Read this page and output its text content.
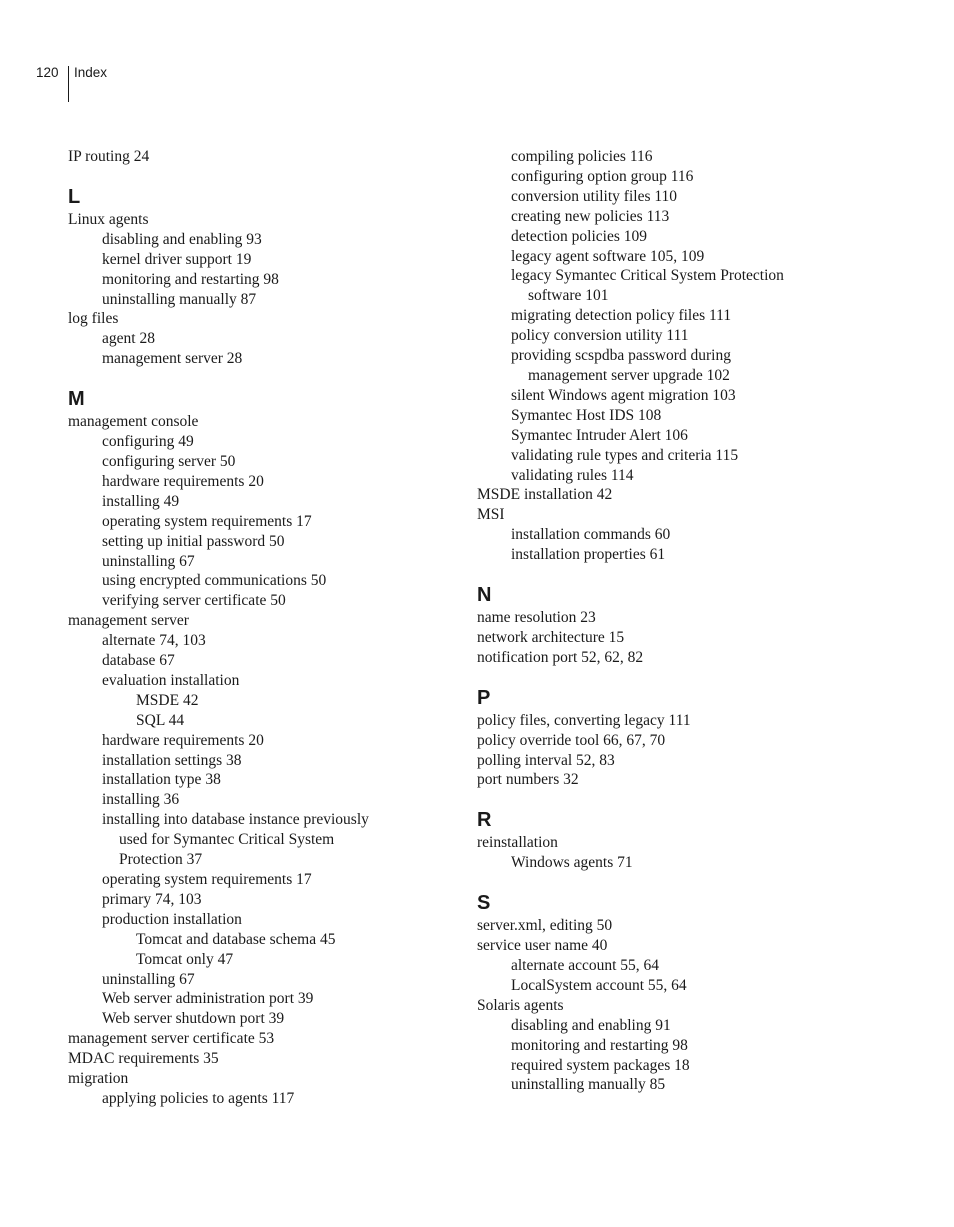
120 Index
IP routing 24
L
Linux agents
disabling and enabling 93
kernel driver support 19
monitoring and restarting 98
uninstalling manually 87
log files
agent 28
management server 28
M
management console
configuring 49
configuring server 50
hardware requirements 20
installing 49
operating system requirements 17
setting up initial password 50
uninstalling 67
using encrypted communications 50
verifying server certificate 50
management server
alternate 74, 103
database 67
evaluation installation
MSDE 42
SQL 44
hardware requirements 20
installation settings 38
installation type 38
installing 36
installing into database instance previously
used for Symantec Critical System
Protection 37
operating system requirements 17
primary 74, 103
production installation
Tomcat and database schema 45
Tomcat only 47
uninstalling 67
Web server administration port 39
Web server shutdown port 39
management server certificate 53
MDAC requirements 35
migration
applying policies to agents 117
compiling policies 116
configuring option group 116
conversion utility files 110
creating new policies 113
detection policies 109
legacy agent software 105, 109
legacy Symantec Critical System Protection
software 101
migrating detection policy files 111
policy conversion utility 111
providing scspdba password during
management server upgrade 102
silent Windows agent migration 103
Symantec Host IDS 108
Symantec Intruder Alert 106
validating rule types and criteria 115
validating rules 114
MSDE installation 42
MSI
installation commands 60
installation properties 61
N
name resolution 23
network architecture 15
notification port 52, 62, 82
P
policy files, converting legacy 111
policy override tool 66, 67, 70
polling interval 52, 83
port numbers 32
R
reinstallation
Windows agents 71
S
server.xml, editing 50
service user name 40
alternate account 55, 64
LocalSystem account 55, 64
Solaris agents
disabling and enabling 91
monitoring and restarting 98
required system packages 18
uninstalling manually 85
